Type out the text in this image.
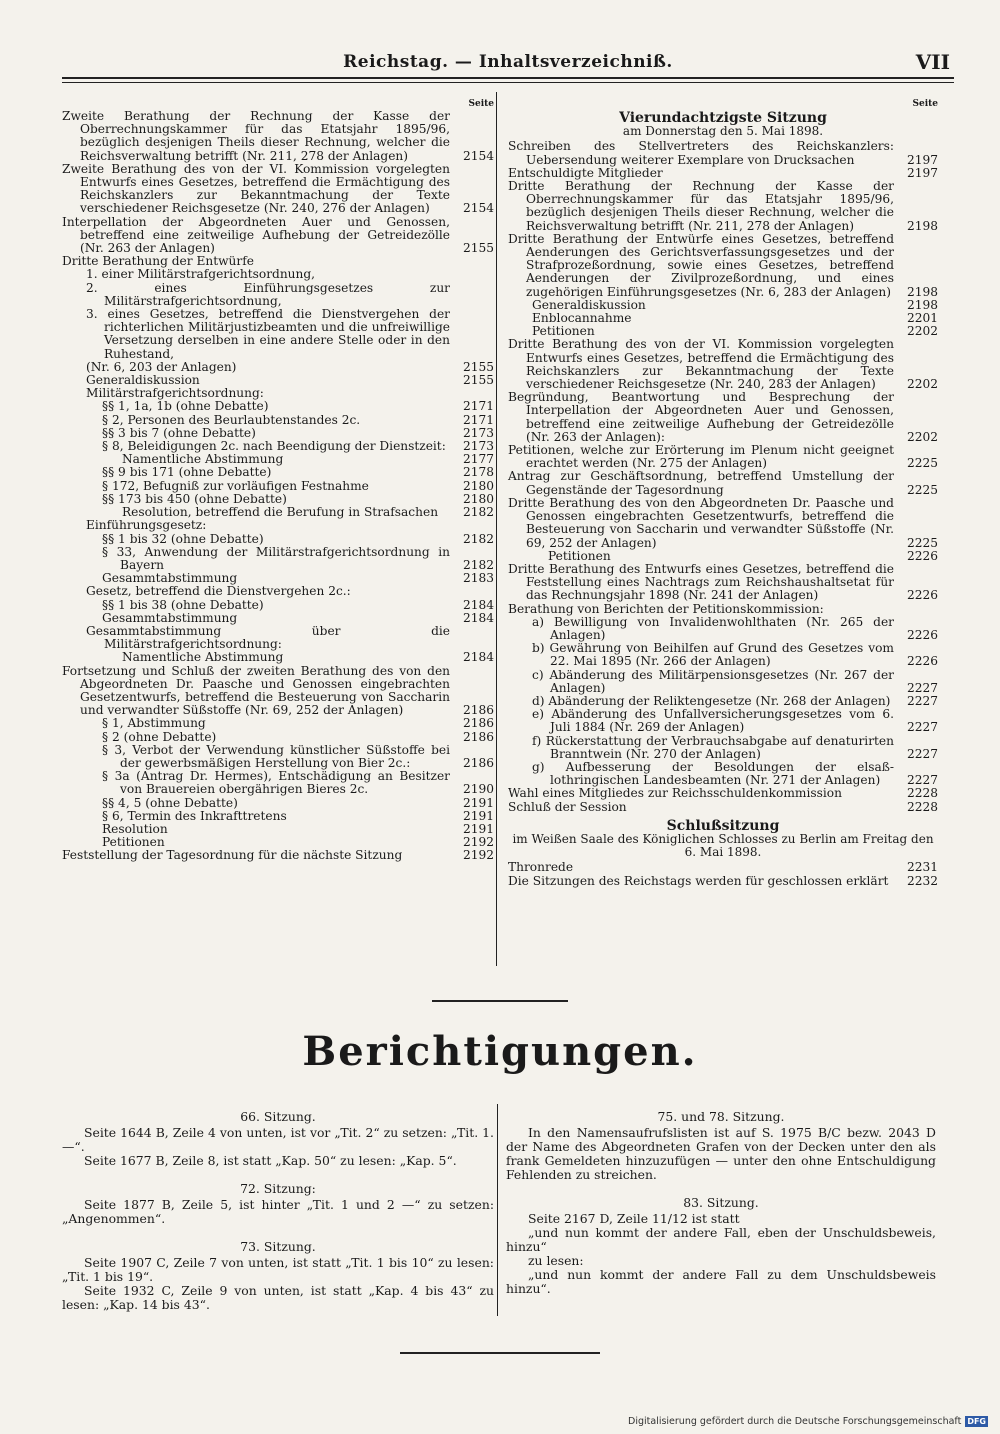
Reichstag. — Inhaltsverzeichniß.	VII
Seite
Zweite Berathung der Rechnung der Kasse der Oberrechnungskammer für das Etatsjahr 1895/96, bezüglich desjenigen Theils dieser Rechnung, welcher die Reichsverwaltung betrifft (Nr. 211, 278 der Anlagen)	2154
Zweite Berathung des von der VI. Kommission vorgelegten Entwurfs eines Gesetzes, betreffend die Ermächtigung des Reichskanzlers zur Bekanntmachung der Texte verschiedener Reichsgesetze (Nr. 240, 276 der Anlagen)	2154
Interpellation der Abgeordneten Auer und Genossen, betreffend eine zeitweilige Aufhebung der Getreidezölle (Nr. 263 der Anlagen)	2155
Dritte Berathung der Entwürfe
1. einer Militärstrafgerichtsordnung,
2. eines Einführungsgesetzes zur Militärstrafgerichtsordnung,
3. eines Gesetzes, betreffend die Dienstvergehen der richterlichen Militärjustizbeamten und die unfreiwillige Versetzung derselben in eine andere Stelle oder in den Ruhestand,
(Nr. 6, 203 der Anlagen)	2155
Generaldiskussion	2155
Militärstrafgerichtsordnung:
§§ 1, 1a, 1b (ohne Debatte)	2171
§ 2, Personen des Beurlaubtenstandes 2c.	2171
§§ 3 bis 7 (ohne Debatte)	2173
§ 8, Beleidigungen 2c. nach Beendigung der Dienstzeit:	2173
Namentliche Abstimmung	2177
§§ 9 bis 171 (ohne Debatte)	2178
§ 172, Befugniß zur vorläufigen Festnahme	2180
§§ 173 bis 450 (ohne Debatte)	2180
Resolution, betreffend die Berufung in Strafsachen	2182
Einführungsgesetz:
§§ 1 bis 32 (ohne Debatte)	2182
§ 33, Anwendung der Militärstrafgerichtsordnung in Bayern	2182
Gesammtabstimmung	2183
Gesetz, betreffend die Dienstvergehen 2c.:
§§ 1 bis 38 (ohne Debatte)	2184
Gesammtabstimmung	2184
Gesammtabstimmung über die Militärstrafgerichtsordnung:
Namentliche Abstimmung	2184
Fortsetzung und Schluß der zweiten Berathung des von den Abgeordneten Dr. Paasche und Genossen eingebrachten Gesetzentwurfs, betreffend die Besteuerung von Saccharin und verwandter Süßstoffe (Nr. 69, 252 der Anlagen)	2186
§ 1, Abstimmung	2186
§ 2 (ohne Debatte)	2186
§ 3, Verbot der Verwendung künstlicher Süßstoffe bei der gewerbsmäßigen Herstellung von Bier 2c.:	2186
§ 3a (Antrag Dr. Hermes), Entschädigung an Besitzer von Brauereien obergährigen Bieres 2c.	2190
§§ 4, 5 (ohne Debatte)	2191
§ 6, Termin des Inkrafttretens	2191
Resolution	2191
Petitionen	2192
Feststellung der Tagesordnung für die nächste Sitzung	2192
Seite
Vierundachtzigste Sitzung
am Donnerstag den 5. Mai 1898.
Schreiben des Stellvertreters des Reichskanzlers: Uebersendung weiterer Exemplare von Drucksachen	2197
Entschuldigte Mitglieder	2197
Dritte Berathung der Rechnung der Kasse der Oberrechnungskammer für das Etatsjahr 1895/96, bezüglich desjenigen Theils dieser Rechnung, welcher die Reichsverwaltung betrifft (Nr. 211, 278 der Anlagen)	2198
Dritte Berathung der Entwürfe eines Gesetzes, betreffend Aenderungen des Gerichtsverfassungsgesetzes und der Strafprozeßordnung, sowie eines Gesetzes, betreffend Aenderungen der Zivilprozeßordnung, und eines zugehörigen Einführungsgesetzes (Nr. 6, 283 der Anlagen)	2198
Generaldiskussion	2198
Enblocannahme	2201
Petitionen	2202
Dritte Berathung des von der VI. Kommission vorgelegten Entwurfs eines Gesetzes, betreffend die Ermächtigung des Reichskanzlers zur Bekanntmachung der Texte verschiedener Reichsgesetze (Nr. 240, 283 der Anlagen)	2202
Begründung, Beantwortung und Besprechung der Interpellation der Abgeordneten Auer und Genossen, betreffend eine zeitweilige Aufhebung der Getreidezölle (Nr. 263 der Anlagen):	2202
Petitionen, welche zur Erörterung im Plenum nicht geeignet erachtet werden (Nr. 275 der Anlagen)	2225
Antrag zur Geschäftsordnung, betreffend Umstellung der Gegenstände der Tagesordnung	2225
Dritte Berathung des von den Abgeordneten Dr. Paasche und Genossen eingebrachten Gesetzentwurfs, betreffend die Besteuerung von Saccharin und verwandter Süßstoffe (Nr. 69, 252 der Anlagen)	2225
Petitionen	2226
Dritte Berathung des Entwurfs eines Gesetzes, betreffend die Feststellung eines Nachtrags zum Reichshaushaltsetat für das Rechnungsjahr 1898 (Nr. 241 der Anlagen)	2226
Berathung von Berichten der Petitionskommission:
a) Bewilligung von Invalidenwohlthaten (Nr. 265 der Anlagen)	2226
b) Gewährung von Beihilfen auf Grund des Gesetzes vom 22. Mai 1895 (Nr. 266 der Anlagen)	2226
c) Abänderung des Militärpensionsgesetzes (Nr. 267 der Anlagen)	2227
d) Abänderung der Reliktengesetze (Nr. 268 der Anlagen)	2227
e) Abänderung des Unfallversicherungsgesetzes vom 6. Juli 1884 (Nr. 269 der Anlagen)	2227
f) Rückerstattung der Verbrauchsabgabe auf denaturirten Branntwein (Nr. 270 der Anlagen)	2227
g) Aufbesserung der Besoldungen der elsaß-lothringischen Landesbeamten (Nr. 271 der Anlagen)	2227
Wahl eines Mitgliedes zur Reichsschuldenkommission	2228
Schluß der Session	2228
Schlußsitzung
im Weißen Saale des Königlichen Schlosses zu Berlin am Freitag den 6. Mai 1898.
Thronrede	2231
Die Sitzungen des Reichstags werden für geschlossen erklärt	2232
Berichtigungen.
66. Sitzung.

Seite 1644 B, Zeile 4 von unten, ist vor „Tit. 2“ zu setzen: „Tit. 1.—“.

Seite 1677 B, Zeile 8, ist statt „Kap. 50“ zu lesen: „Kap. 5“.

72. Sitzung:

Seite 1877 B, Zeile 5, ist hinter „Tit. 1 und 2 —“ zu setzen: „Angenommen“.

73. Sitzung.

Seite 1907 C, Zeile 7 von unten, ist statt „Tit. 1 bis 10“ zu lesen: „Tit. 1 bis 19“.

Seite 1932 C, Zeile 9 von unten, ist statt „Kap. 4 bis 43“ zu lesen: „Kap. 14 bis 43“.

75. und 78. Sitzung.

In den Namensaufrufslisten ist auf S. 1975 B/C bezw. 2043 D der Name des Abgeordneten Grafen von der Decken unter den als frank Gemeldeten hinzuzufügen — unter den ohne Entschuldigung Fehlenden zu streichen.

83. Sitzung.

Seite 2167 D, Zeile 11/12 ist statt

„und nun kommt der andere Fall, eben der Unschuldsbeweis, hinzu“

zu lesen:

„und nun kommt der andere Fall zu dem Unschuldsbeweis hinzu“.

Digitalisierung gefördert durch die Deutsche Forschungsgemeinschaft DFG
